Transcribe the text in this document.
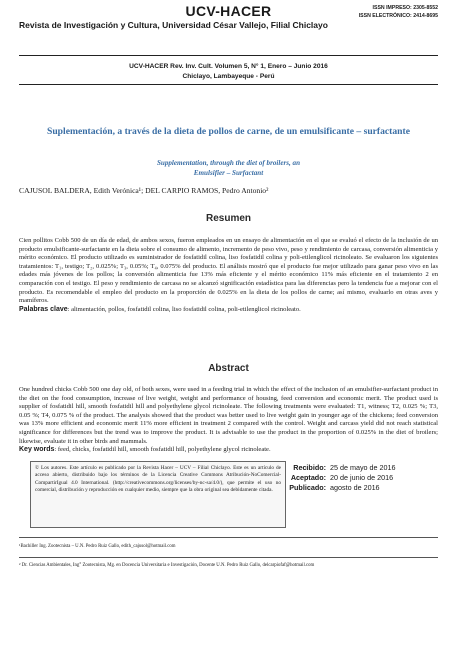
UCV-HACER	ISSN IMPRESO: 2305-8552
ISSN ELECTRÓNICO: 2414-8695
Revista de Investigación y Cultura, Universidad César Vallejo, Filial Chiclayo
UCV-HACER Rev. Inv. Cult. Volumen 5, N° 1, Enero – Junio 2016
Chiclayo, Lambayeque - Perú
Suplementación, a través de la dieta de pollos de carne, de un emulsificante – surfactante
Supplementation, through the diet of broilers, an
Emulsifier – Surfactant
CAJUSOL BALDERA, Edith Verónica¹; DEL CARPIO RAMOS, Pedro Antonio²
Resumen
Cien pollitos Cobb 500 de un día de edad, de ambos sexos, fueron empleados en un ensayo de alimentación en el que se evaluó el efecto de la inclusión de un producto emulsificante-surfactante en la dieta sobre el consumo de alimento, incremento de peso vivo, peso y rendimiento de carcasa, conversión alimenticia y mérito económico. El producto utilizado es suministrador de fosfatidil colina, liso fosfatidil colina y poli-etilenglicol ricinoleato. Se evaluaron los siguientes tratamientos: T₁, testigo; T₂, 0.025%; T₃, 0.05%; T₄, 0.075% del producto. El análisis mostró que el producto fue mejor utilizado para ganar peso vivo en las edades más jóvenes de los pollos; la conversión alimenticia fue 13% más eficiente y el mérito económico 11% más eficiente en el tratamiento 2 en comparación con el testigo. El peso y rendimiento de carcasa no se alcanzó significación estadística para las diferencias pero la tendencia fue a mejorar con el producto. Es recomendable el empleo del producto en la proporción de 0.025% en la dieta de los pollos de carne; así mismo, evaluarlo en otras aves y mamíferos.
Palabras clave: alimentación, pollos, fosfatidil colina, liso fosfatidil colina, poli-etilenglicol ricinoleato.
Abstract
One hundred chicks Cobb 500 one day old, of both sexes, were used in a feeding trial in which the effect of the inclusion of an emulsifier-surfactant product in the diet on the food consumption, increase of live weight, weight and performance of housing, feed conversion and economic merit. The product used is supplier of fosfatidil hill, smooth fosfatidil hill and polyethylene glycol ricinoleate. The following treatments were evaluated: T1, witness; T2, 0.025 %; T3, 0.05 %; T4, 0.075 % of the product. The analysis showed that the product was better used to live weight gain in younger age of the chickens; feed conversion was 13% more efficient and economic merit 11% more efficient in treatment 2 compared with the control. Weight and carcass yield did not reach statistical significance for differences but the trend was to improve the product. It is advisable to use the product in the proportion of 0.025% in the diet of broilers; likewise, evaluate it in other birds and mammals.
Key words: feed, chicks, fosfatidil hill, smooth fosfatidil hill, polyethylene glycol ricinoleate.
© Los autores. Este artículo es publicado por la Revista Hacer – UCV – Filial Chiclayo. Este es un artículo de acceso abierto, distribuido bajo los términos de la Licencia Creative Commons Atribución-NoComercial-CompartirIgual 4.0 International. (http://creativecommons.org/licenses/by-nc-sa/4.0/), que permite el uso no comercial, distribución y reproducción en cualquier medio, siempre que la obra original sea debidamente citada.
Recibido: 25 de mayo de 2016
Aceptado: 20 de junio de 2016
Publicado: agosto de 2016
¹Bachiller Ing. Zootecnista – U.N. Pedro Ruiz Gallo, edith_cajusol@hotmail.com
² Dr. Ciencias Ambientales, Ing° Zootecnista, Mg. en Docencia Universitaria e Investigación, Docente U.N. Pedro Ruiz Gallo, delcarpiofaf@hotmail.com
